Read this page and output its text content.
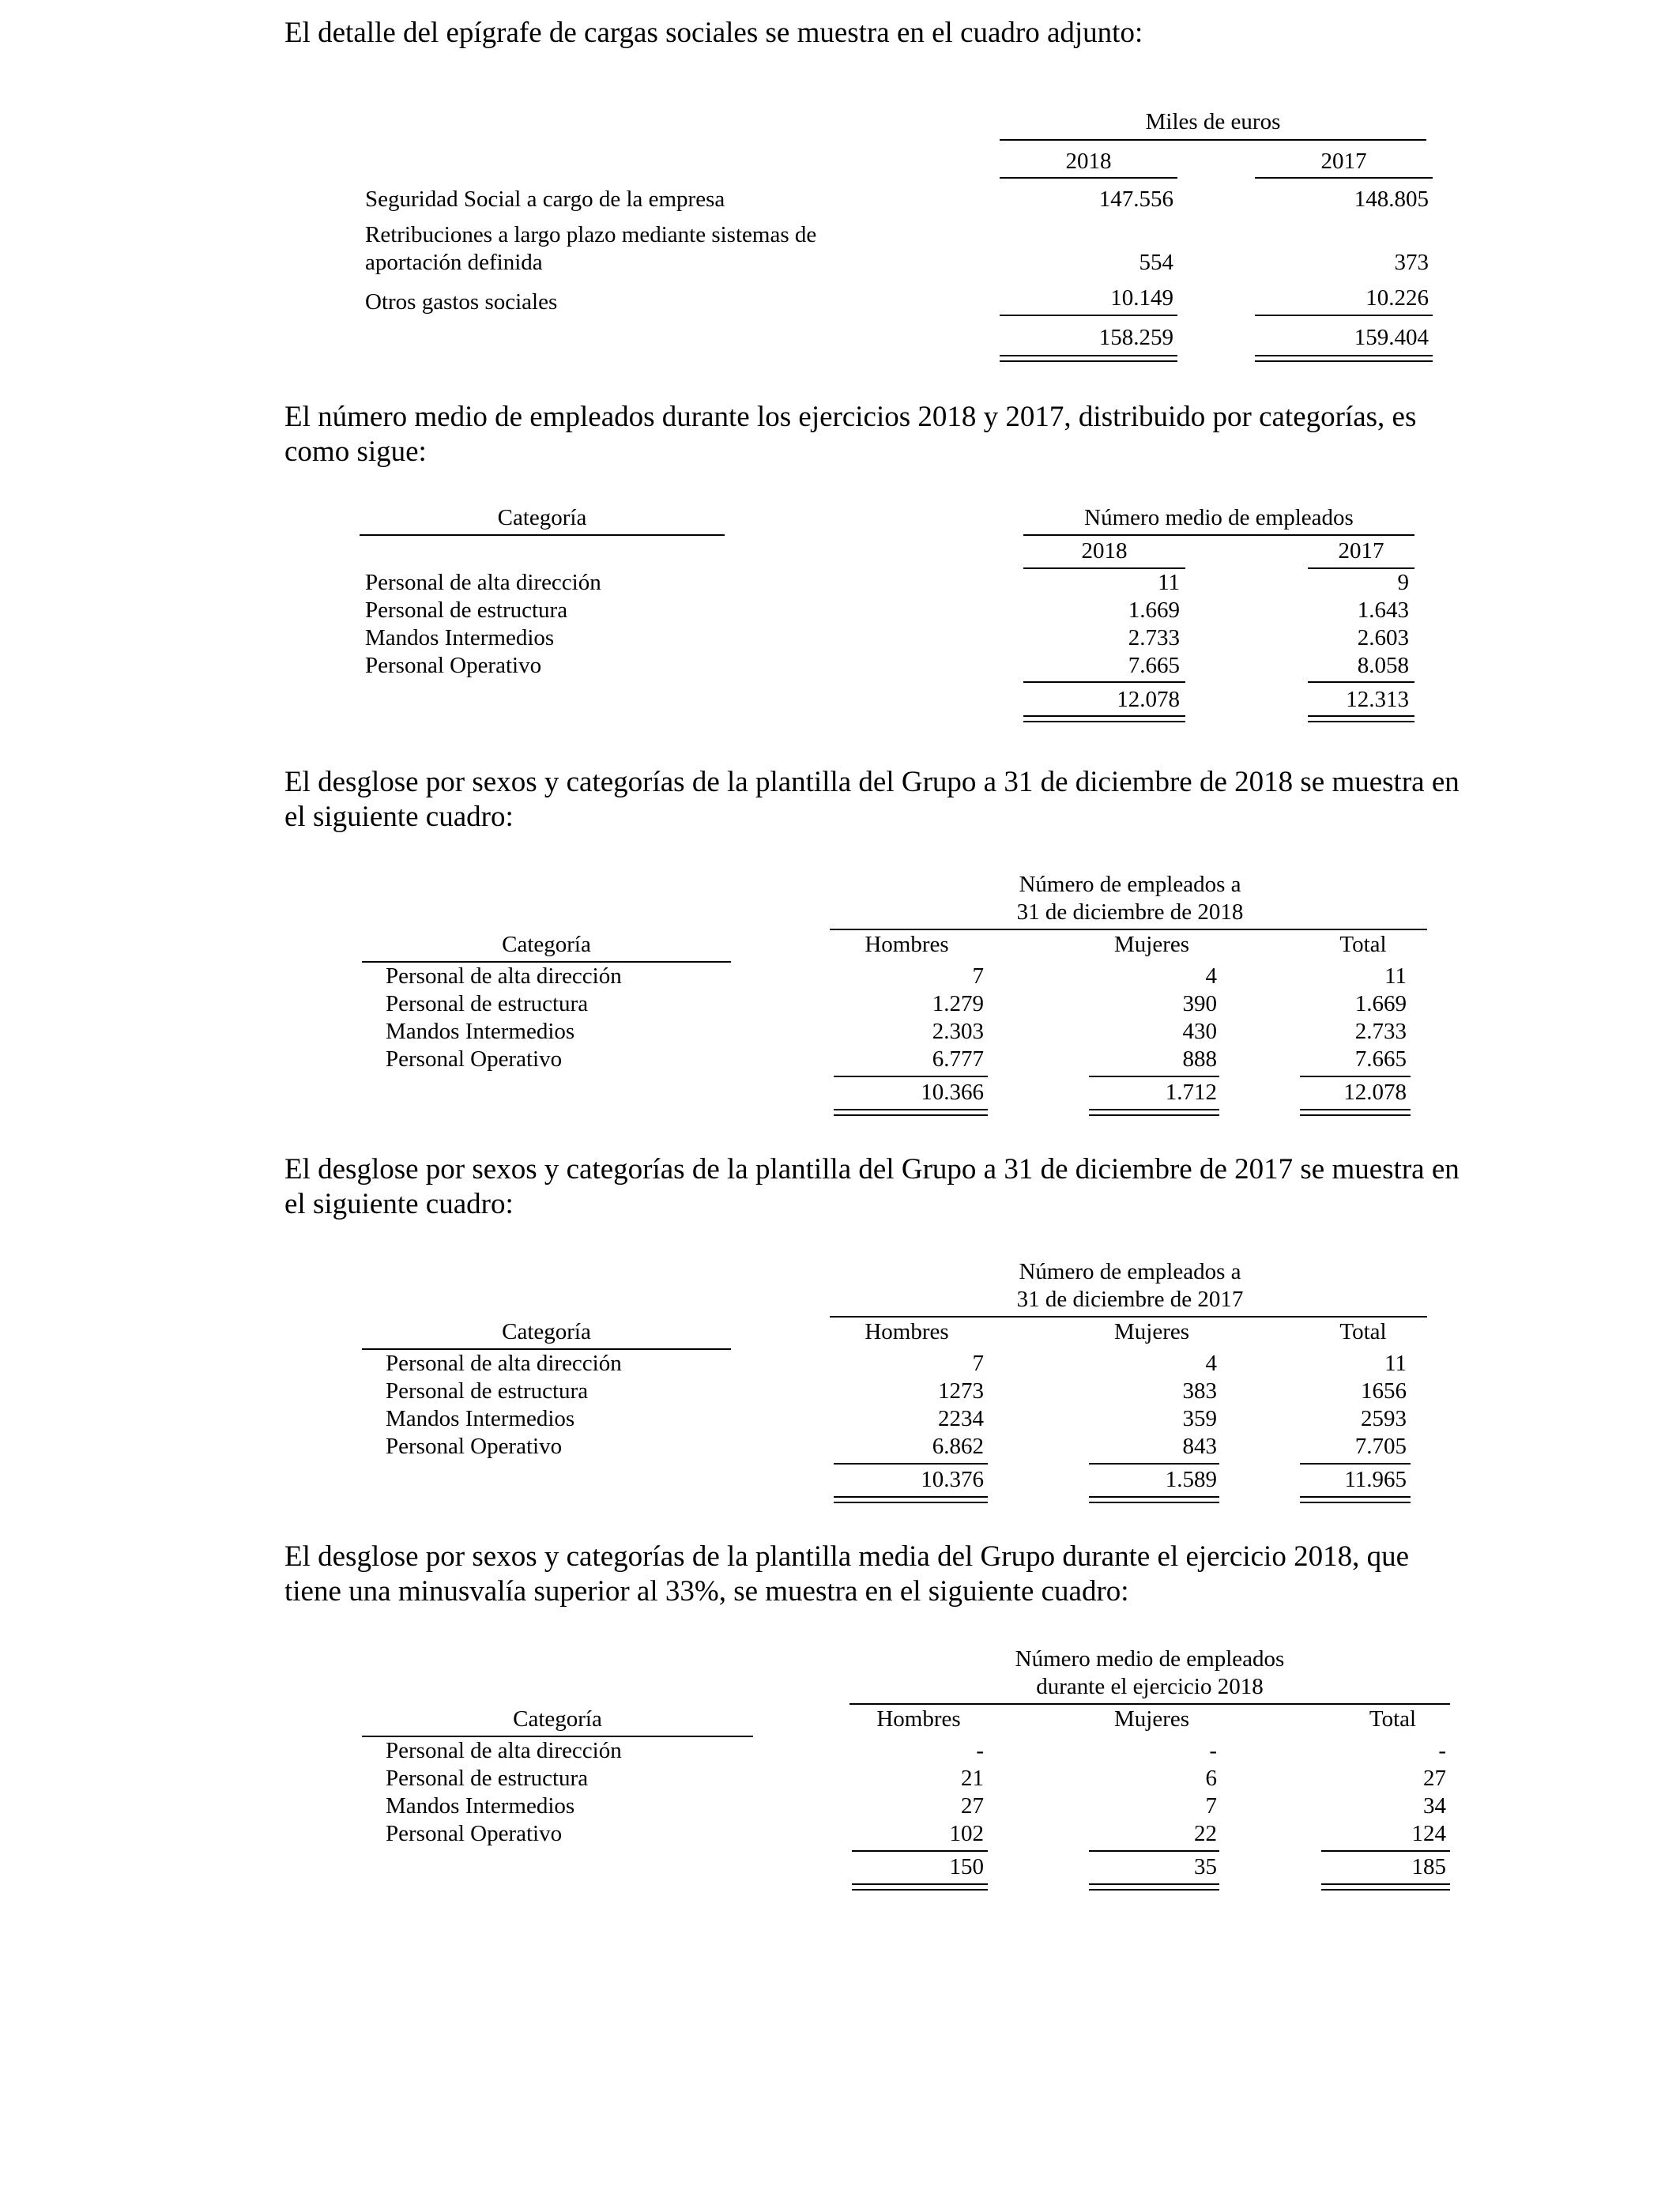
El detalle del epígrafe de cargas sociales se muestra en el cuadro adjunto:

Miles de euros
2018	2017
Seguridad Social a cargo de la empresa	147.556	148.805
Retribuciones a largo plazo mediante sistemas de
aportación definida	554	373
Otros gastos sociales	10.149	10.226
158.259	159.404

El número medio de empleados durante los ejercicios 2018 y 2017, distribuido por categorías, es como sigue:

Categoría	Número medio de empleados
2018	2017
Personal de alta dirección	11	9
Personal de estructura	1.669	1.643
Mandos Intermedios	2.733	2.603
Personal Operativo	7.665	8.058
12.078	12.313

El desglose por sexos y categorías de la plantilla del Grupo a 31 de diciembre de 2018 se muestra en el siguiente cuadro:

Número de empleados a
31 de diciembre de 2018
Categoría	Hombres	Mujeres	Total
Personal de alta dirección	7	4	11
Personal de estructura	1.279	390	1.669
Mandos Intermedios	2.303	430	2.733
Personal Operativo	6.777	888	7.665
10.366	1.712	12.078

El desglose por sexos y categorías de la plantilla del Grupo a 31 de diciembre de 2017 se muestra en el siguiente cuadro:

Número de empleados a
31 de diciembre de 2017
Categoría	Hombres	Mujeres	Total
Personal de alta dirección	7	4	11
Personal de estructura	1273	383	1656
Mandos Intermedios	2234	359	2593
Personal Operativo	6.862	843	7.705
10.376	1.589	11.965

El desglose por sexos y categorías de la plantilla media del Grupo durante el ejercicio 2018, que tiene una minusvalía superior al 33%, se muestra en el siguiente cuadro:

Número medio de empleados
durante el ejercicio 2018
Categoría	Hombres	Mujeres	Total
Personal de alta dirección	-	-	-
Personal de estructura	21	6	27
Mandos Intermedios	27	7	34
Personal Operativo	102	22	124
150	35	185
